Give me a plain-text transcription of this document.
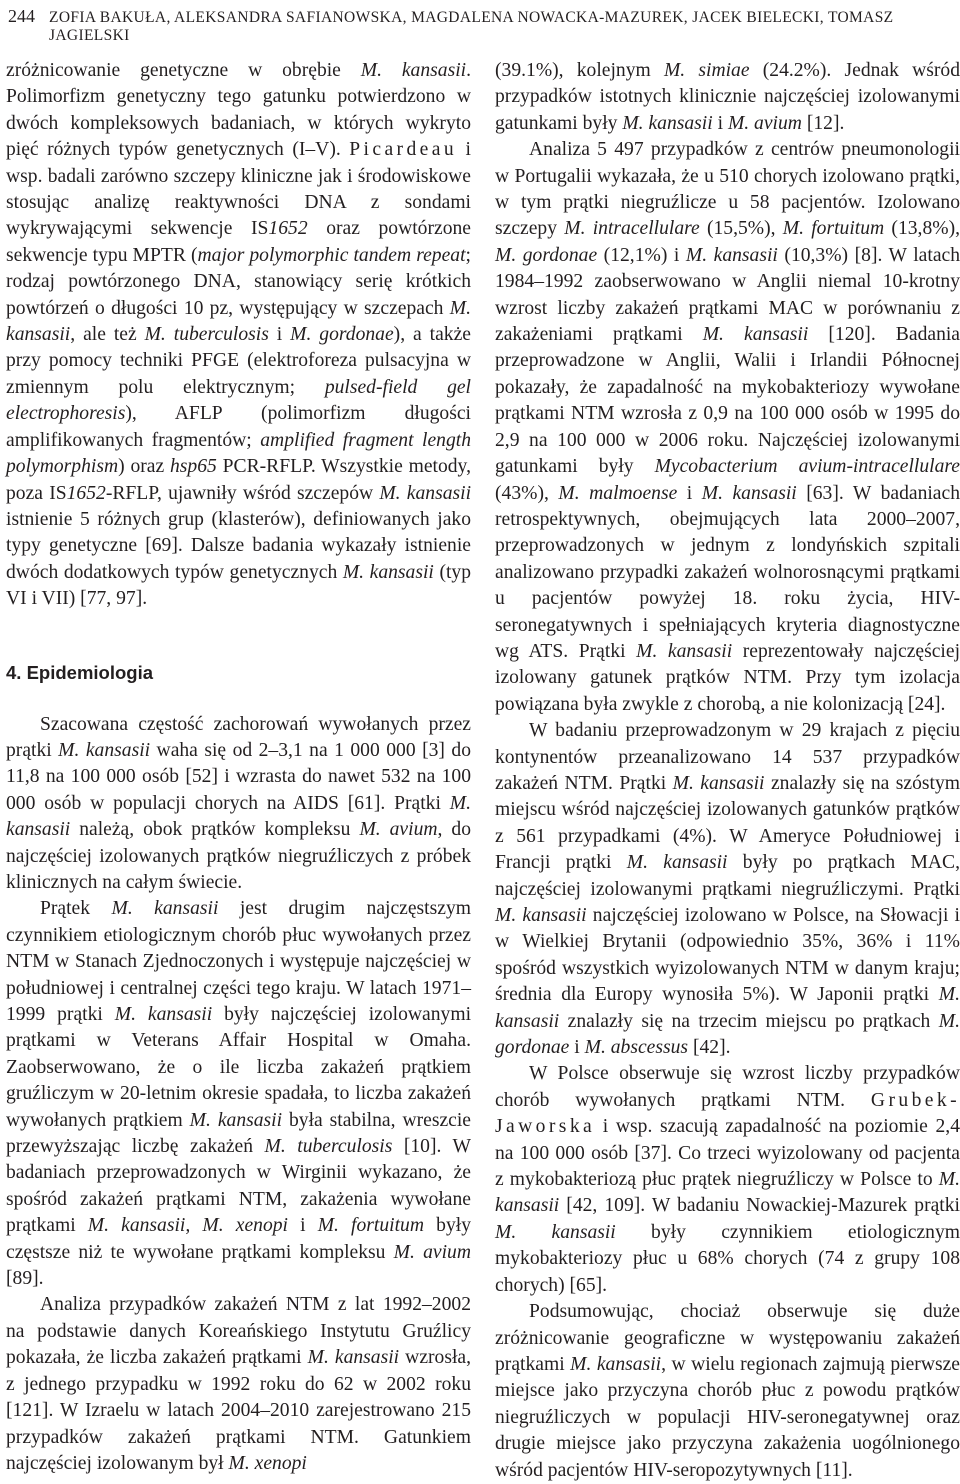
244 ZOFIA BAKUŁA, ALEKSANDRA SAFIANOWSKA, MAGDALENA NOWACKA-MAZUREK, JACEK BIELECKI, TOMASZ JAGIELSKI

zróżnicowanie genetyczne w obrębie M. kansasii. Polimorfizm genetyczny tego gatunku potwierdzono w dwóch kompleksowych badaniach, w których wykryto pięć różnych typów genetycznych (I–V). Picardeau i wsp. badali zarówno szczepy kliniczne jak i środowiskowe stosując analizę reaktywności DNA z sondami wykrywającymi sekwencje IS1652 oraz powtórzone sekwencje typu MPTR (major polymorphic tandem repeat; rodzaj powtórzonego DNA, stanowiący serię krótkich powtórzeń o długości 10 pz, występujący w szczepach M. kansasii, ale też M. tuberculosis i M. gordonae), a także przy pomocy techniki PFGE (elektroforeza pulsacyjna w zmiennym polu elektrycznym; pulsed-field gel electrophoresis), AFLP (polimorfizm długości amplifikowanych fragmentów; amplified fragment length polymorphism) oraz hsp65 PCR-RFLP. Wszystkie metody, poza IS1652-RFLP, ujawniły wśród szczepów M. kansasii istnienie 5 różnych grup (klasterów), definiowanych jako typy genetyczne [69]. Dalsze badania wykazały istnienie dwóch dodatkowych typów genetycznych M. kansasii (typ VI i VII) [77, 97].

4. Epidemiologia

Szacowana częstość zachorowań wywołanych przez prątki M. kansasii waha się od 2–3,1 na 1 000 000 [3] do 11,8 na 100 000 osób [52] i wzrasta do nawet 532 na 100 000 osób w populacji chorych na AIDS [61]. Prątki M. kansasii należą, obok prątków kompleksu M. avium, do najczęściej izolowanych prątków niegruźliczych z próbek klinicznych na całym świecie.

Prątek M. kansasii jest drugim najczęstszym czynnikiem etiologicznym chorób płuc wywołanych przez NTM w Stanach Zjednoczonych i występuje najczęściej w południowej i centralnej części tego kraju. W latach 1971–1999 prątki M. kansasii były najczęściej izolowanymi prątkami w Veterans Affair Hospital w Omaha. Zaobserwowano, że o ile liczba zakażeń prątkiem gruźliczym w 20-letnim okresie spadała, to liczba zakażeń wywołanych prątkiem M. kansasii była stabilna, wreszcie przewyższając liczbę zakażeń M. tuberculosis [10]. W badaniach przeprowadzonych w Wirginii wykazano, że spośród zakażeń prątkami NTM, zakażenia wywołane prątkami M. kansasii, M. xenopi i M. fortuitum były częstsze niż te wywołane prątkami kompleksu M. avium [89].

Analiza przypadków zakażeń NTM z lat 1992–2002 na podstawie danych Koreańskiego Instytutu Gruźlicy pokazała, że liczba zakażeń prątkami M. kansasii wzrosła, z jednego przypadku w 1992 roku do 62 w 2002 roku [121]. W Izraelu w latach 2004–2010 zarejestrowano 215 przypadków zakażeń prątkami NTM. Gatunkiem najczęściej izolowanym był M. xenopi

(39.1%), kolejnym M. simiae (24.2%). Jednak wśród przypadków istotnych klinicznie najczęściej izolowanymi gatunkami były M. kansasii i M. avium [12].

Analiza 5 497 przypadków z centrów pneumonologii w Portugalii wykazała, że u 510 chorych izolowano prątki, w tym prątki niegruźlicze u 58 pacjentów. Izolowano szczepy M. intracellulare (15,5%), M. fortuitum (13,8%), M. gordonae (12,1%) i M. kansasii (10,3%) [8]. W latach 1984–1992 zaobserwowano w Anglii niemal 10-krotny wzrost liczby zakażeń prątkami MAC w porównaniu z zakażeniami prątkami M. kansasii [120]. Badania przeprowadzone w Anglii, Walii i Irlandii Północnej pokazały, że zapadalność na mykobakteriozy wywołane prątkami NTM wzrosła z 0,9 na 100 000 osób w 1995 do 2,9 na 100 000 w 2006 roku. Najczęściej izolowanymi gatunkami były Mycobacterium avium-intracellulare (43%), M. malmoense i M. kansasii [63]. W badaniach retrospektywnych, obejmujących lata 2000–2007, przeprowadzonych w jednym z londyńskich szpitali analizowano przypadki zakażeń wolnorosnącymi prątkami u pacjentów powyżej 18. roku życia, HIV-seronegatywnych i spełniających kryteria diagnostyczne wg ATS. Prątki M. kansasii reprezentowały najczęściej izolowany gatunek prątków NTM. Przy tym izolacja powiązana była zwykle z chorobą, a nie kolonizacją [24].

W badaniu przeprowadzonym w 29 krajach z pięciu kontynentów przeanalizowano 14 537 przypadków zakażeń NTM. Prątki M. kansasii znalazły się na szóstym miejscu wśród najczęściej izolowanych gatunków prątków z 561 przypadkami (4%). W Ameryce Południowej i Francji prątki M. kansasii były po prątkach MAC, najczęściej izolowanymi prątkami niegruźliczymi. Prątki M. kansasii najczęściej izolowano w Polsce, na Słowacji i w Wielkiej Brytanii (odpowiednio 35%, 36% i 11% spośród wszystkich wyizolowanych NTM w danym kraju; średnia dla Europy wynosiła 5%). W Japonii prątki M. kansasii znalazły się na trzecim miejscu po prątkach M. gordonae i M. abscessus [42].

W Polsce obserwuje się wzrost liczby przypadków chorób wywołanych prątkami NTM. Grubek-Jaworska i wsp. szacują zapadalność na poziomie 2,4 na 100 000 osób [37]. Co trzeci wyizolowany od pacjenta z mykobakteriozą płuc prątek niegruźliczy w Polsce to M. kansasii [42, 109]. W badaniu Nowackiej-Mazurek prątki M. kansasii były czynnikiem etiologicznym mykobakteriozy płuc u 68% chorych (74 z grupy 108 chorych) [65].

Podsumowując, chociaż obserwuje się duże zróżnicowanie geograficzne w występowaniu zakażeń prątkami M. kansasii, w wielu regionach zajmują pierwsze miejsce jako przyczyna chorób płuc z powodu prątków niegruźliczych w populacji HIV-seronegatywnej oraz drugie miejsce jako przyczyna zakażenia uogólnionego wśród pacjentów HIV-seropozytywnych [11].
